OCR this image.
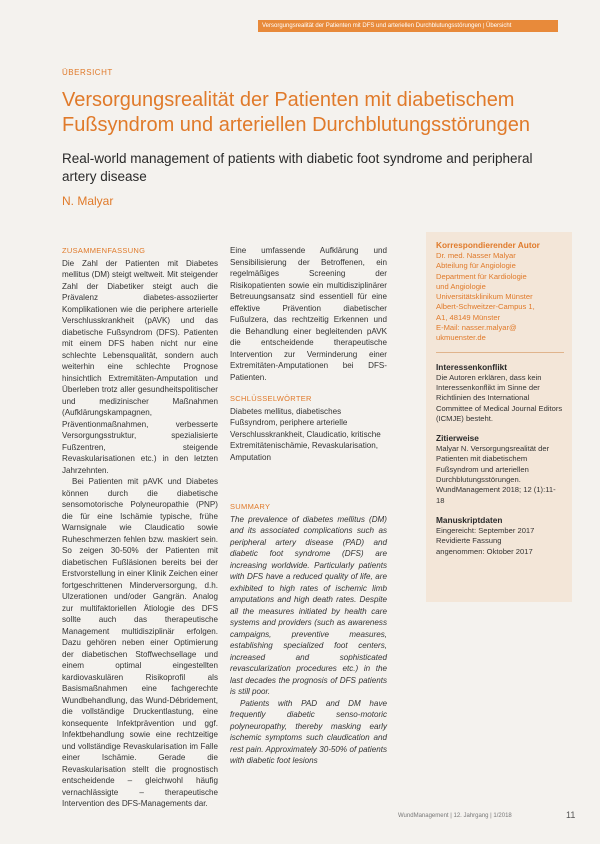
Versorgungsrealität der Patienten mit DFS und arteriellen Durchblutungsstörungen | Übersicht
ÜBERSICHT
Versorgungsrealität der Patienten mit diabetischem Fußsyndrom und arteriellen Durchblutungsstörungen
Real-world management of patients with diabetic foot syndrome and peripheral artery disease
N. Malyar
ZUSAMMENFASSUNG

Die Zahl der Patienten mit Diabetes mellitus (DM) steigt weltweit. Mit steigender Zahl der Diabetiker steigt auch die Prävalenz diabetes-assoziierter Komplikationen wie die periphere arterielle Verschlusskrankheit (pAVK) und das diabetische Fußsyndrom (DFS). Patienten mit einem DFS haben nicht nur eine schlechte Lebensqualität, sondern auch weiterhin eine schlechte Prognose hinsichtlich Extremitäten-Amputation und Überleben trotz aller gesundheitspolitischer und medizinischer Maßnahmen (Aufklärungskampagnen, Präventionmaßnahmen, verbesserte Versorgungsstruktur, spezialisierte Fußzentren, steigende Revaskularisationen etc.) in den letzten Jahrzehnten.

Bei Patienten mit pAVK und Diabetes können durch die diabetische sensomotorische Polyneuropathie (PNP) die für eine Ischämie typische, frühe Warnsignale wie Claudicatio sowie Ruheschmerzen fehlen bzw. maskiert sein. So zeigen 30-50% der Patienten mit diabetischen Fußläsionen bereits bei der Erstvorstellung in einer Klinik Zeichen einer fortgeschrittenen Minderversorgung, d.h. Ulzerationen und/oder Gangrän. Analog zur multifaktoriellen Ätiologie des DFS sollte auch das therapeutische Management multidisziplinär erfolgen. Dazu gehören neben einer Optimierung der diabetischen Stoffwechsellage und einem optimal eingestellten kardiovaskulären Risikoprofil als Basismaßnahmen eine fachgerechte Wundbehandlung, das Wund-Débridement, die vollständige Druckentlastung, eine konsequente Infektprävention und ggf. Infektbehandlung sowie eine rechtzeitige und vollständige Revaskularisation im Falle einer Ischämie. Gerade die Revaskularisation stellt die prognostisch entscheidende – gleichwohl häufig vernachlässigte – therapeutische Intervention des DFS-Managements dar.

Eine umfassende Aufklärung und Sensibilisierung der Betroffenen, ein regelmäßiges Screening der Risikopatienten sowie ein multidisziplinärer Betreuungsansatz sind essentiell für eine effektive Prävention diabetischer Fußulzera, das rechtzeitig Erkennen und die Behandlung einer begleitenden pAVK die entscheidende therapeutische Intervention zur Verminderung einer Extremitäten-Amputationen bei DFS-Patienten.

SCHLÜSSELWÖRTER

Diabetes mellitus, diabetisches Fußsyndrom, periphere arterielle Verschlusskrankheit, Claudicatio, kritische Extremitätenischämie, Revaskularisation, Amputation

SUMMARY

The prevalence of diabetes mellitus (DM) and its associated complications such as peripheral artery disease (PAD) and diabetic foot syndrome (DFS) are increasing worldwide. Particularly patients with DFS have a reduced quality of life, are exhibited to high rates of ischemic limb amputations and high death rates. Despite all the measures initiated by health care systems and providers (such as awareness campaigns, preventive measures, establishing specialized foot centers, increased and sophisticated revascularization procedures etc.) in the last decades the prognosis of DFS patients is still poor.

Patients with PAD and DM have frequently diabetic senso-motoric polyneuropathy, thereby masking early ischemic symptoms such claudication and rest pain. Approximately 30-50% of patients with diabetic foot lesions

Korrespondierender Autor
Dr. med. Nasser Malyar
Abteilung für Angiologie
Department für Kardiologie
und Angiologie
Universitätsklinikum Münster
Albert-Schweitzer-Campus 1,
A1, 48149 Münster
E-Mail: nasser.malyar@
ukmuenster.de
Interessenkonflikt
Die Autoren erklären, dass kein Interessenkonflikt im Sinne der Richtlinien des International Committee of Medical Journal Editors (ICMJE) besteht.
Zitierweise
Malyar N. Versorgungsrealität der Patienten mit diabetischem Fußsyndrom und arteriellen Durchblutungsstörungen. WundManagement 2018; 12 (1):11-18
Manuskriptdaten
Eingereicht: September 2017
Revidierte Fassung
angenommen: Oktober 2017
WundManagement | 12. Jahrgang | 1/2018	11
